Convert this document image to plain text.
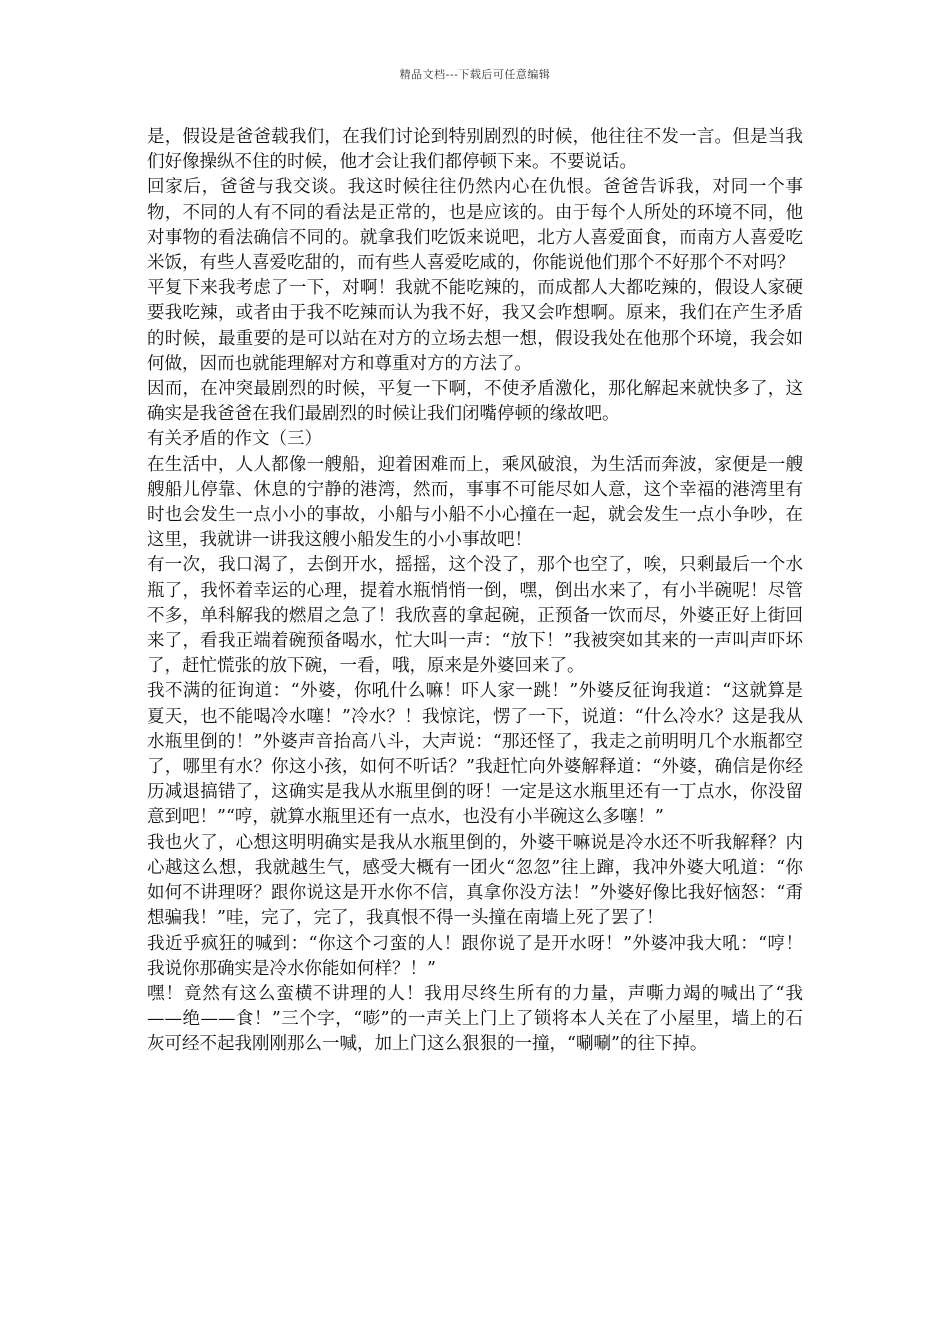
精品文档---下载后可任意编辑

是，假设是爸爸载我们，在我们讨论到特别剧烈的时候，他往往不发一言。但是当我们好像操纵不住的时候，他才会让我们都停顿下来。不要说话。

回家后，爸爸与我交谈。我这时候往往仍然内心在仇恨。爸爸告诉我，对同一个事物，不同的人有不同的看法是正常的，也是应该的。由于每个人所处的环境不同，他对事物的看法确信不同的。就拿我们吃饭来说吧，北方人喜爱面食，而南方人喜爱吃米饭，有些人喜爱吃甜的，而有些人喜爱吃咸的，你能说他们那个不好那个不对吗？

平复下来我考虑了一下，对啊！我就不能吃辣的，而成都人大都吃辣的，假设人家硬要我吃辣，或者由于我不吃辣而认为我不好，我又会咋想啊。原来，我们在产生矛盾的时候，最重要的是可以站在对方的立场去想一想，假设我处在他那个环境，我会如何做，因而也就能理解对方和尊重对方的方法了。

因而，在冲突最剧烈的时候，平复一下啊，不使矛盾激化，那化解起来就快多了，这确实是我爸爸在我们最剧烈的时候让我们闭嘴停顿的缘故吧。

有关矛盾的作文（三）

在生活中，人人都像一艘船，迎着困难而上，乘风破浪，为生活而奔波，家便是一艘艘船儿停靠、休息的宁静的港湾，然而，事事不可能尽如人意，这个幸福的港湾里有时也会发生一点小小的事故，小船与小船不小心撞在一起，就会发生一点小争吵，在这里，我就讲一讲我这艘小船发生的小小事故吧！

有一次，我口渴了，去倒开水，摇摇，这个没了，那个也空了，唉，只剩最后一个水瓶了，我怀着幸运的心理，提着水瓶悄悄一倒，嘿，倒出水来了，有小半碗呢！尽管不多，单科解我的燃眉之急了！我欣喜的拿起碗，正预备一饮而尽，外婆正好上街回来了，看我正端着碗预备喝水，忙大叫一声：“放下！”我被突如其来的一声叫声吓坏了，赶忙慌张的放下碗，一看，哦，原来是外婆回来了。

我不满的征询道：“外婆，你吼什么嘛！吓人家一跳！”外婆反征询我道：“这就算是夏天，也不能喝冷水噻！”冷水？！我惊诧，愣了一下，说道：“什么冷水？这是我从水瓶里倒的！”外婆声音抬高八斗，大声说：“那还怪了，我走之前明明几个水瓶都空了，哪里有水？你这小孩，如何不听话？”我赶忙向外婆解释道：“外婆，确信是你经历减退搞错了，这确实是我从水瓶里倒的呀！一定是这水瓶里还有一丁点水，你没留意到吧！”“哼，就算水瓶里还有一点水，也没有小半碗这么多噻！”

我也火了，心想这明明确实是我从水瓶里倒的，外婆干嘛说是冷水还不听我解释？内心越这么想，我就越生气，感受大概有一团火“忽忽”往上蹿，我冲外婆大吼道：“你如何不讲理呀？跟你说这是开水你不信，真拿你没方法！”外婆好像比我好恼怒：“甭想骗我！”哇，完了，完了，我真恨不得一头撞在南墙上死了罢了！

我近乎疯狂的喊到：“你这个刁蛮的人！跟你说了是开水呀！”外婆冲我大吼：“哼！我说你那确实是冷水你能如何样？！”

嘿！竟然有这么蛮横不讲理的人！我用尽终生所有的力量，声嘶力竭的喊出了“我——绝——食！”三个字，“嘭”的一声关上门上了锁将本人关在了小屋里，墙上的石灰可经不起我刚刚那么一喊，加上门这么狠狠的一撞，“唰唰”的往下掉。
